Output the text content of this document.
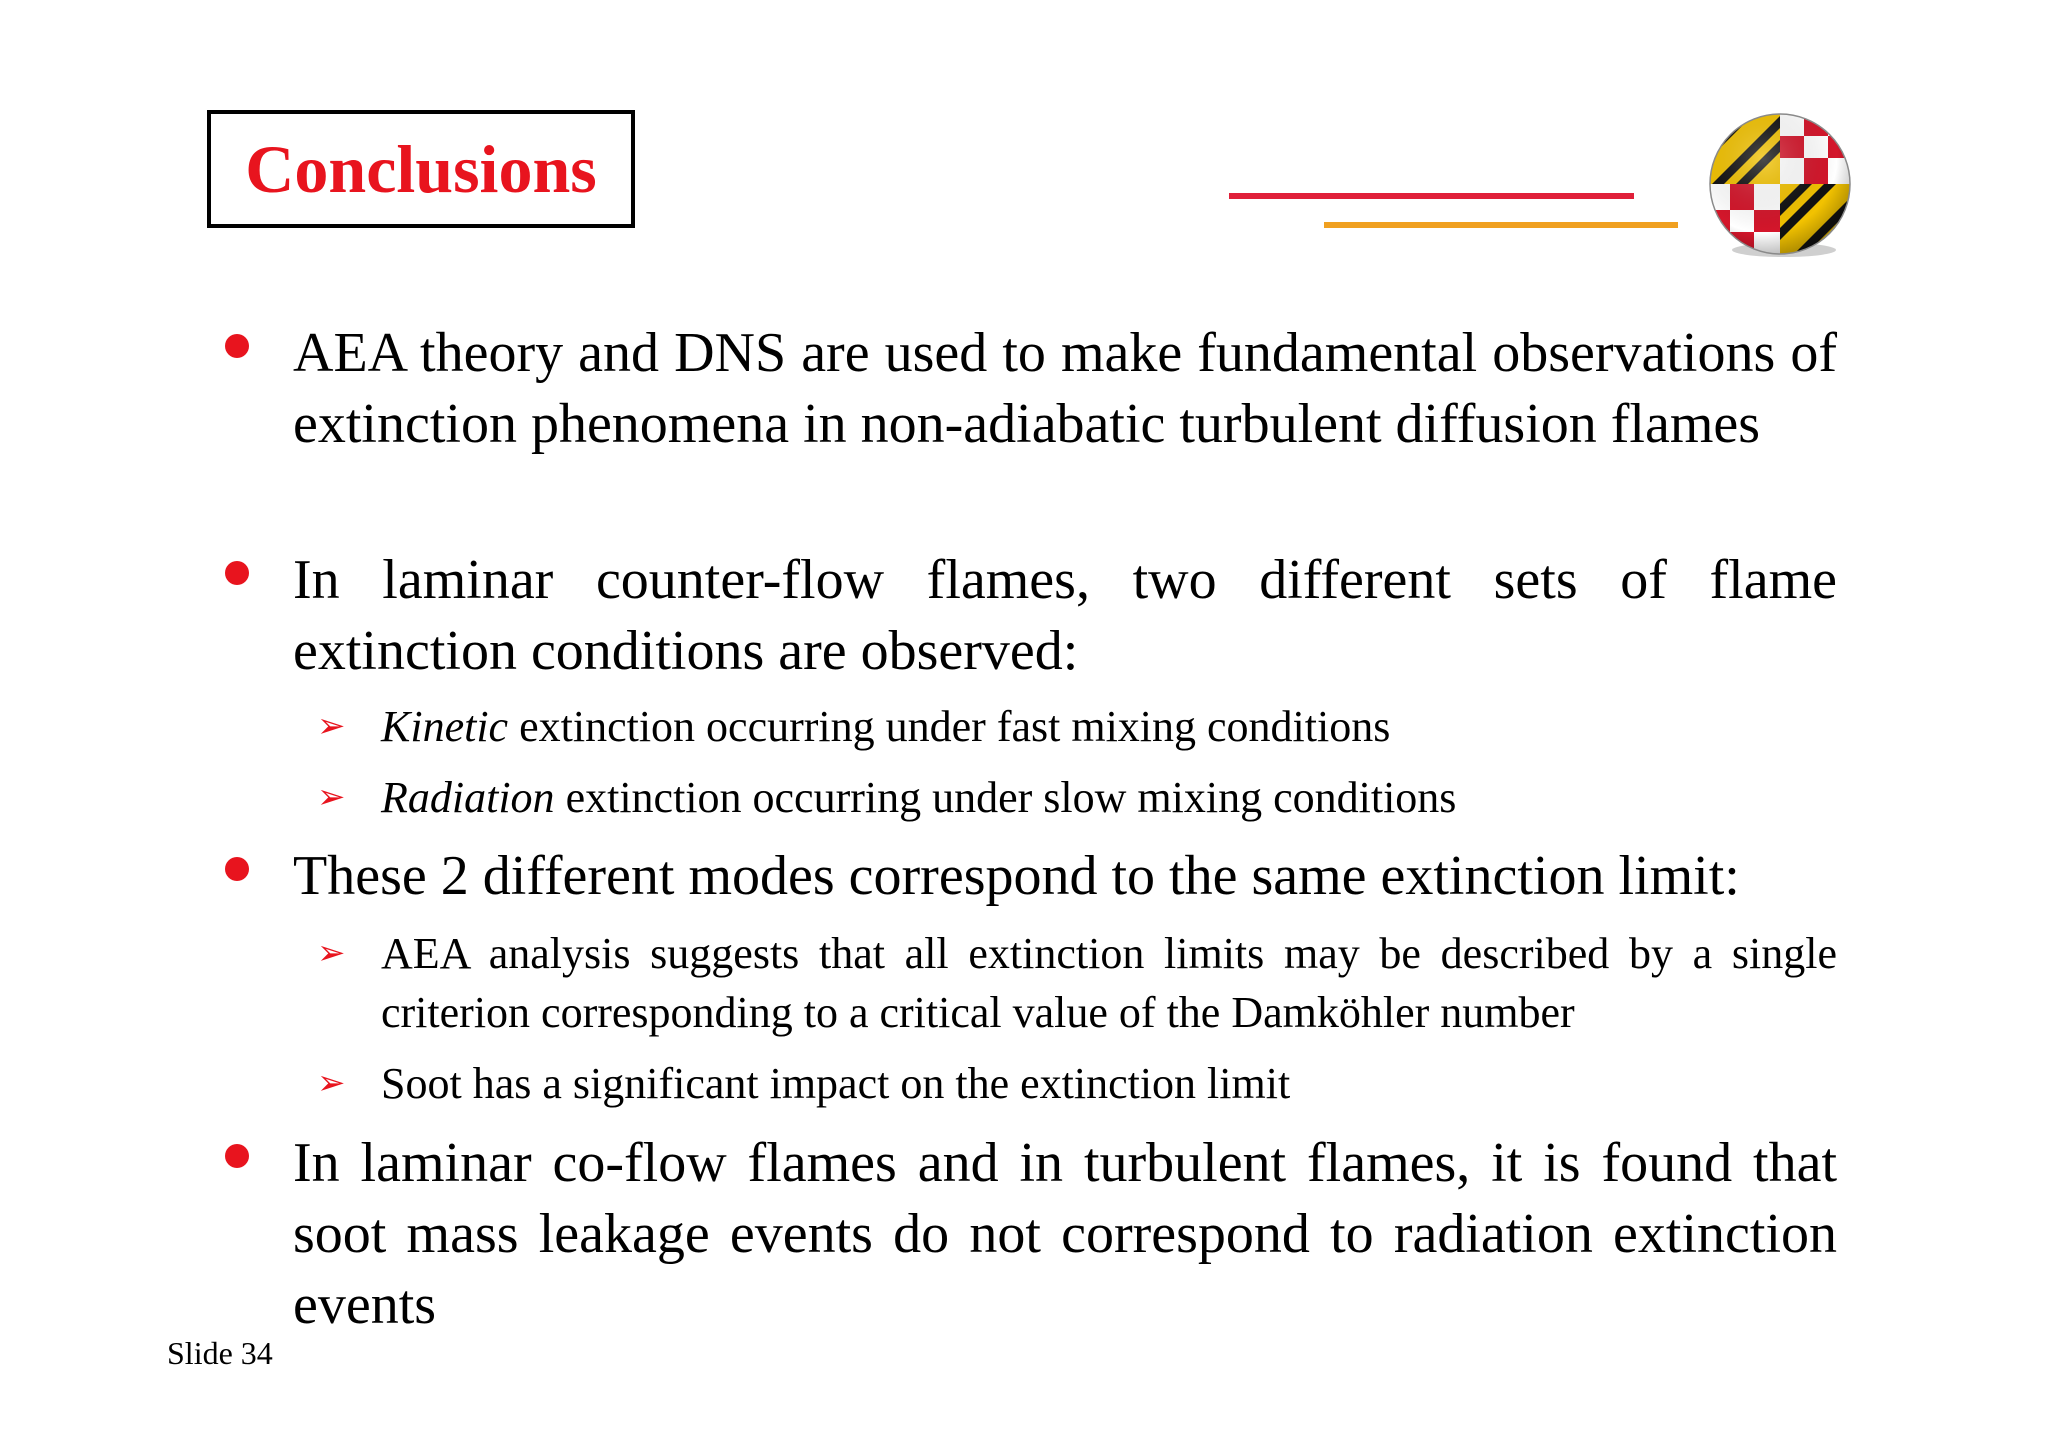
Conclusions
AEA theory and DNS are used to make fundamental observations of extinction phenomena in non-adiabatic turbulent diffusion flames
In laminar counter-flow flames, two different sets of flame extinction conditions are observed:
➢ Kinetic extinction occurring under fast mixing conditions
➢ Radiation extinction occurring under slow mixing conditions
These 2 different modes correspond to the same extinction limit:
➢ AEA analysis suggests that all extinction limits may be described by a single criterion corresponding to a critical value of the Damköhler number
➢ Soot has a significant impact on the extinction limit
In laminar co-flow flames and in turbulent flames, it is found that soot mass leakage events do not correspond to radiation extinction events
Slide 34
